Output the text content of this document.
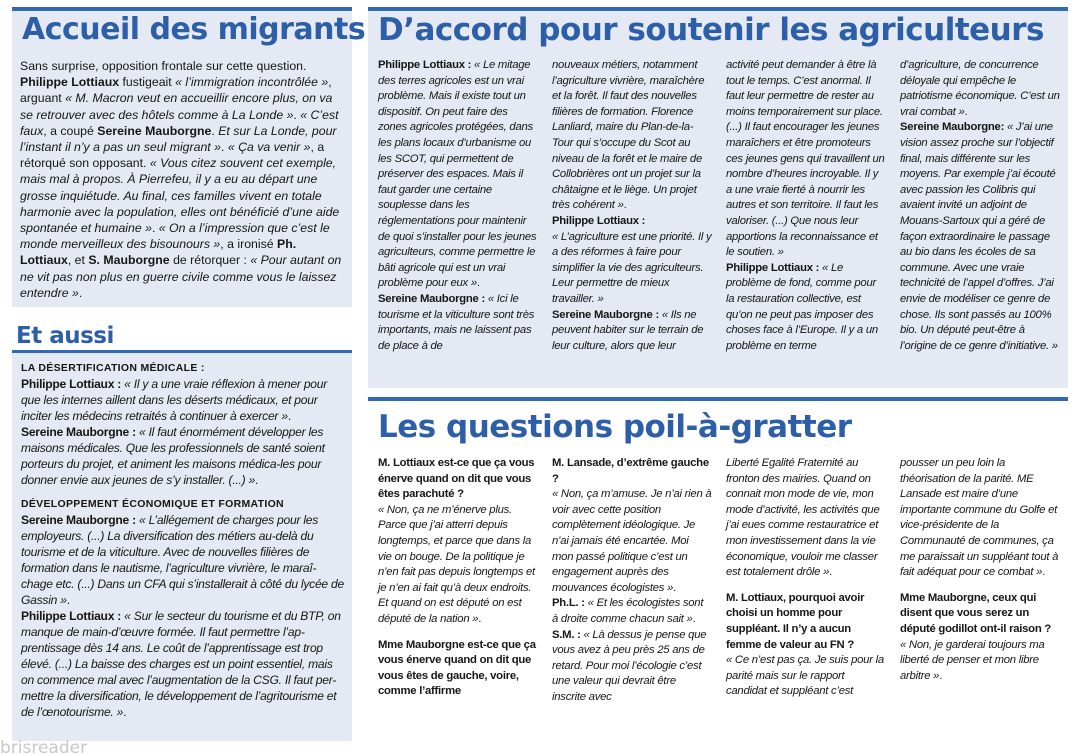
Accueil des migrants
Sans surprise, opposition frontale sur cette question. Philippe Lottiaux fustigeait « l’immigration incontrôlée », arguant « M. Macron veut en accueillir encore plus, on va se retrouver avec des hôtels comme à La Londe ». « C’est faux, a coupé Sereine Mauborgne. Et sur La Londe, pour l’instant il n’y a pas un seul migrant ». « Ça va venir », a rétorqué son opposant. « Vous citez souvent cet exemple, mais mal à propos. À Pierrefeu, il y a eu au départ une grosse inquiétude. Au final, ces familles vivent en totale harmonie avec la population, elles ont bénéficié d’une aide spontanée et humaine ». « On a l’impression que c’est le monde merveilleux des bisounours », a ironisé Ph. Lottiaux, et S. Mauborgne de rétorquer : « Pour autant on ne vit pas non plus en guerre civile comme vous le laissez entendre ».
Et aussi

LA DÉSERTIFICATION MÉDICALE :

Philippe Lottiaux : « Il y a une vraie réflexion à mener pour que les internes aillent dans les déserts médicaux, et pour inciter les médecins retraités à continuer à exercer ».

Sereine Mauborgne : « Il faut énormément développer les maisons médicales. Que les professionnels de santé soient porteurs du projet, et animent les maisons médica-les pour donner envie aux jeunes de s’y installer. (...) ».

DÉVELOPPEMENT ÉCONOMIQUE ET FORMATION

Sereine Mauborgne : « L’allégement de charges pour les employeurs. (...) La diversification des métiers au-delà du tourisme et de la viticulture. Avec de nouvelles filières de formation dans le nautisme, l’agriculture vivrière, le maraî-chage etc. (...) Dans un CFA qui s’installerait à côté du lycée de Gassin ».

Philippe Lottiaux : « Sur le secteur du tourisme et du BTP, on manque de main-d’œuvre formée. Il faut permettre l’ap-prentissage dès 14 ans. Le coût de l’apprentissage est trop élevé. (...) La baisse des charges est un point essentiel, mais on commence mal avec l’augmentation de la CSG. Il faut per-mettre la diversification, le développement de l’agritourisme et de l’œnotourisme. ».

D’accord pour soutenir les agriculteurs
Philippe Lottiaux : « Le mitage des terres agricoles est un vrai problème. Mais il existe tout un dispositif. On peut faire des zones agricoles protégées, dans les plans locaux d’urbanisme ou les SCOT, qui permettent de préserver des espaces. Mais il faut garder une certaine souplesse dans les réglementations pour maintenir de quoi s’installer pour les jeunes agriculteurs, comme permettre le bâti agricole qui est un vrai problème pour eux ».
Sereine Mauborgne : « Ici le tourisme et la viticulture sont très importants, mais ne laissent pas de place à de
nouveaux métiers, notamment l’agriculture vivrière, maraîchère et la forêt. Il faut des nouvelles filières de formation. Florence Lanliard, maire du Plan-de-la-Tour qui s’occupe du Scot au niveau de la forêt et le maire de Collobrières ont un projet sur la châtaigne et le liège. Un projet très cohérent ».
Philippe Lottiaux :
« L’agriculture est une priorité. Il y a des réformes à faire pour simplifier la vie des agriculteurs. Leur permettre de mieux travailler. »
Sereine Mauborgne : « Ils ne peuvent habiter sur le terrain de leur culture, alors que leur
activité peut demander à être là tout le temps. C’est anormal. Il faut leur permettre de rester au moins temporairement sur place. (...) Il faut encourager les jeunes maraîchers et être promoteurs ces jeunes gens qui travaillent un nombre d’heures incroyable. Il y a une vraie fierté à nourrir les autres et son territoire. Il faut les valoriser. (...) Que nous leur apportions la reconnaissance et le soutien. »
Philippe Lottiaux : « Le problème de fond, comme pour la restauration collective, est qu’on ne peut pas imposer des choses face à l’Europe. Il y a un problème en terme
d’agriculture, de concurrence déloyale qui empêche le patriotisme économique. C’est un vrai combat ».
Sereine Mauborgne: « J’ai une vision assez proche sur l’objectif final, mais différente sur les moyens. Par exemple j’ai écouté avec passion les Colibris qui avaient invité un adjoint de Mouans-Sartoux qui a géré de façon extraordinaire le passage au bio dans les écoles de sa commune. Avec une vraie technicité de l’appel d’offres. J’ai envie de modéliser ce genre de chose. Ils sont passés au 100% bio. Un député peut-être à l’origine de ce genre d’initiative. »
Les questions poil-à-gratter
M. Lottiaux est-ce que ça vous énerve quand on dit que vous êtes parachuté ?
« Non, ça ne m’énerve plus. Parce que j’ai atterri depuis longtemps, et parce que dans la vie on bouge. De la politique je n’en fait pas depuis longtemps et je n’en ai fait qu’à deux endroits. Et quand on est député on est député de la nation ».

Mme Mauborgne est-ce que ça vous énerve quand on dit que vous êtes de gauche, voire, comme l’affirme
M. Lansade, d’extrême gauche ?
« Non, ça m’amuse. Je n’ai rien à voir avec cette position complètement idéologique. Je n’ai jamais été encartée. Moi mon passé politique c’est un engagement auprès des mouvances écologistes ».
Ph.L. : « Et les écologistes sont à droite comme chacun sait ».
S.M. : « Là dessus je pense que vous avez à peu près 25 ans de retard. Pour moi l’écologie c’est une valeur qui devrait être inscrite avec
Liberté Egalité Fraternité au fronton des mairies. Quand on connait mon mode de vie, mon mode d’activité, les activités que j’ai eues comme restauratrice et mon investissement dans la vie économique, vouloir me classer est totalement drôle ».

M. Lottiaux, pourquoi avoir choisi un homme pour suppléant. Il n’y a aucun femme de valeur au FN ?
« Ce n’est pas ça. Je suis pour la parité mais sur le rapport candidat et suppléant c’est
pousser un peu loin la théorisation de la parité. ME Lansade est maire d’une importante commune du Golfe et vice-présidente de la Communauté de communes, ça me paraissait un suppléant tout à fait adéquat pour ce combat ».

Mme Mauborgne, ceux qui disent que vous serez un député godillot ont-il raison ?
« Non, je garderai toujours ma liberté de penser et mon libre arbitre ».
brisreader
